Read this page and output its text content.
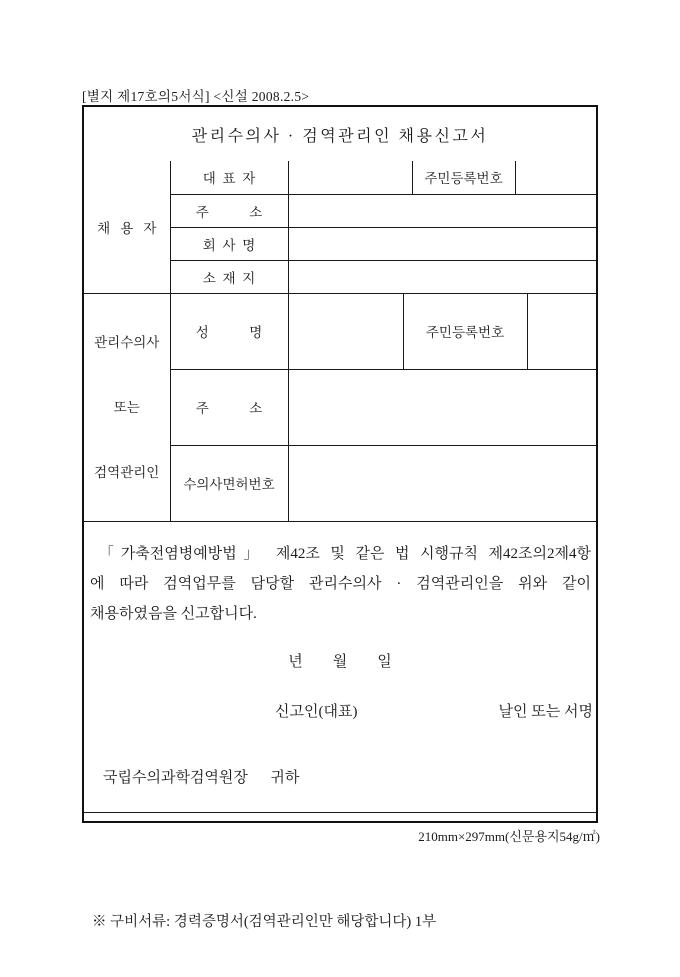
[별지 제17호의5서식] <신설 2008.2.5>
관리수의사 · 검역관리인 채용신고서
채   용   자	대  표  자		주민등록번호	
	주            소			
	회  사  명			
	소  재  지			

관리수의사

또는

검역관리인	성            명		주민등록번호	
	주            소			
	수의사면허번호			
「가축전염병예방법」 제42조 및 같은 법 시행규칙 제42조의2제4항
에 따라 검역업무를 담당할 관리수의사 · 검역관리인을 위와 같이
채용하였음을 신고합니다.
년        월        일
신고인(대표)	날인 또는 서명
국립수의과학검역원장      귀하

※ 구비서류: 경력증명서(검역관리인만 해당합니다) 1부

210mm×297mm(신문용지54g/㎡)
